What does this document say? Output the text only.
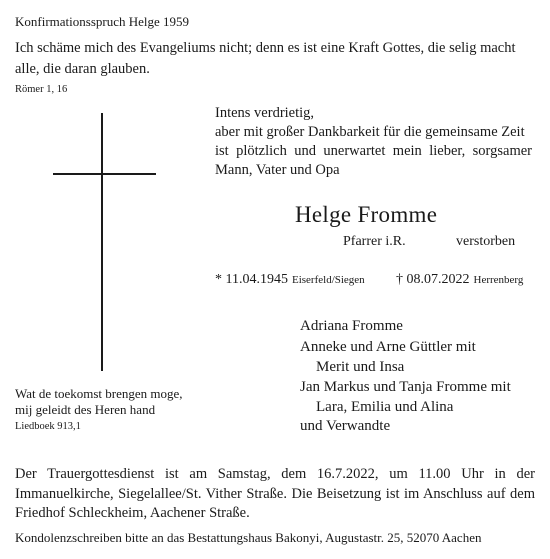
Konfirmationsspruch Helge 1959
Ich schäme mich des Evangeliums nicht; denn es ist eine Kraft Gottes, die selig macht
alle, die daran glauben.
Römer 1, 16
Intens verdrietig,
aber mit großer Dankbarkeit für die gemeinsame Zeit
ist plötzlich und unerwartet mein lieber, sorgsamer
Mann, Vater und Opa
Helge Fromme
Pfarrer i.R.	verstorben
* 11.04.1945 Eiserfeld/Siegen † 08.07.2022 Herrenberg
Adriana Fromme
Anneke und Arne Güttler mit
Merit und Insa
Jan Markus und Tanja Fromme mit
Lara, Emilia und Alina
und Verwandte
Wat de toekomst brengen moge,
mij geleidt des Heren hand
Liedboek 913,1
Der Trauergottesdienst ist am Samstag, dem 16.7.2022, um 11.00 Uhr in der
Immanuelkirche, Siegelallee/St. Vither Straße. Die Beisetzung ist im Anschluss auf dem
Friedhof Schleckheim, Aachener Straße.
Kondolenzschreiben bitte an das Bestattungshaus Bakonyi, Augustastr. 25, 52070 Aachen
